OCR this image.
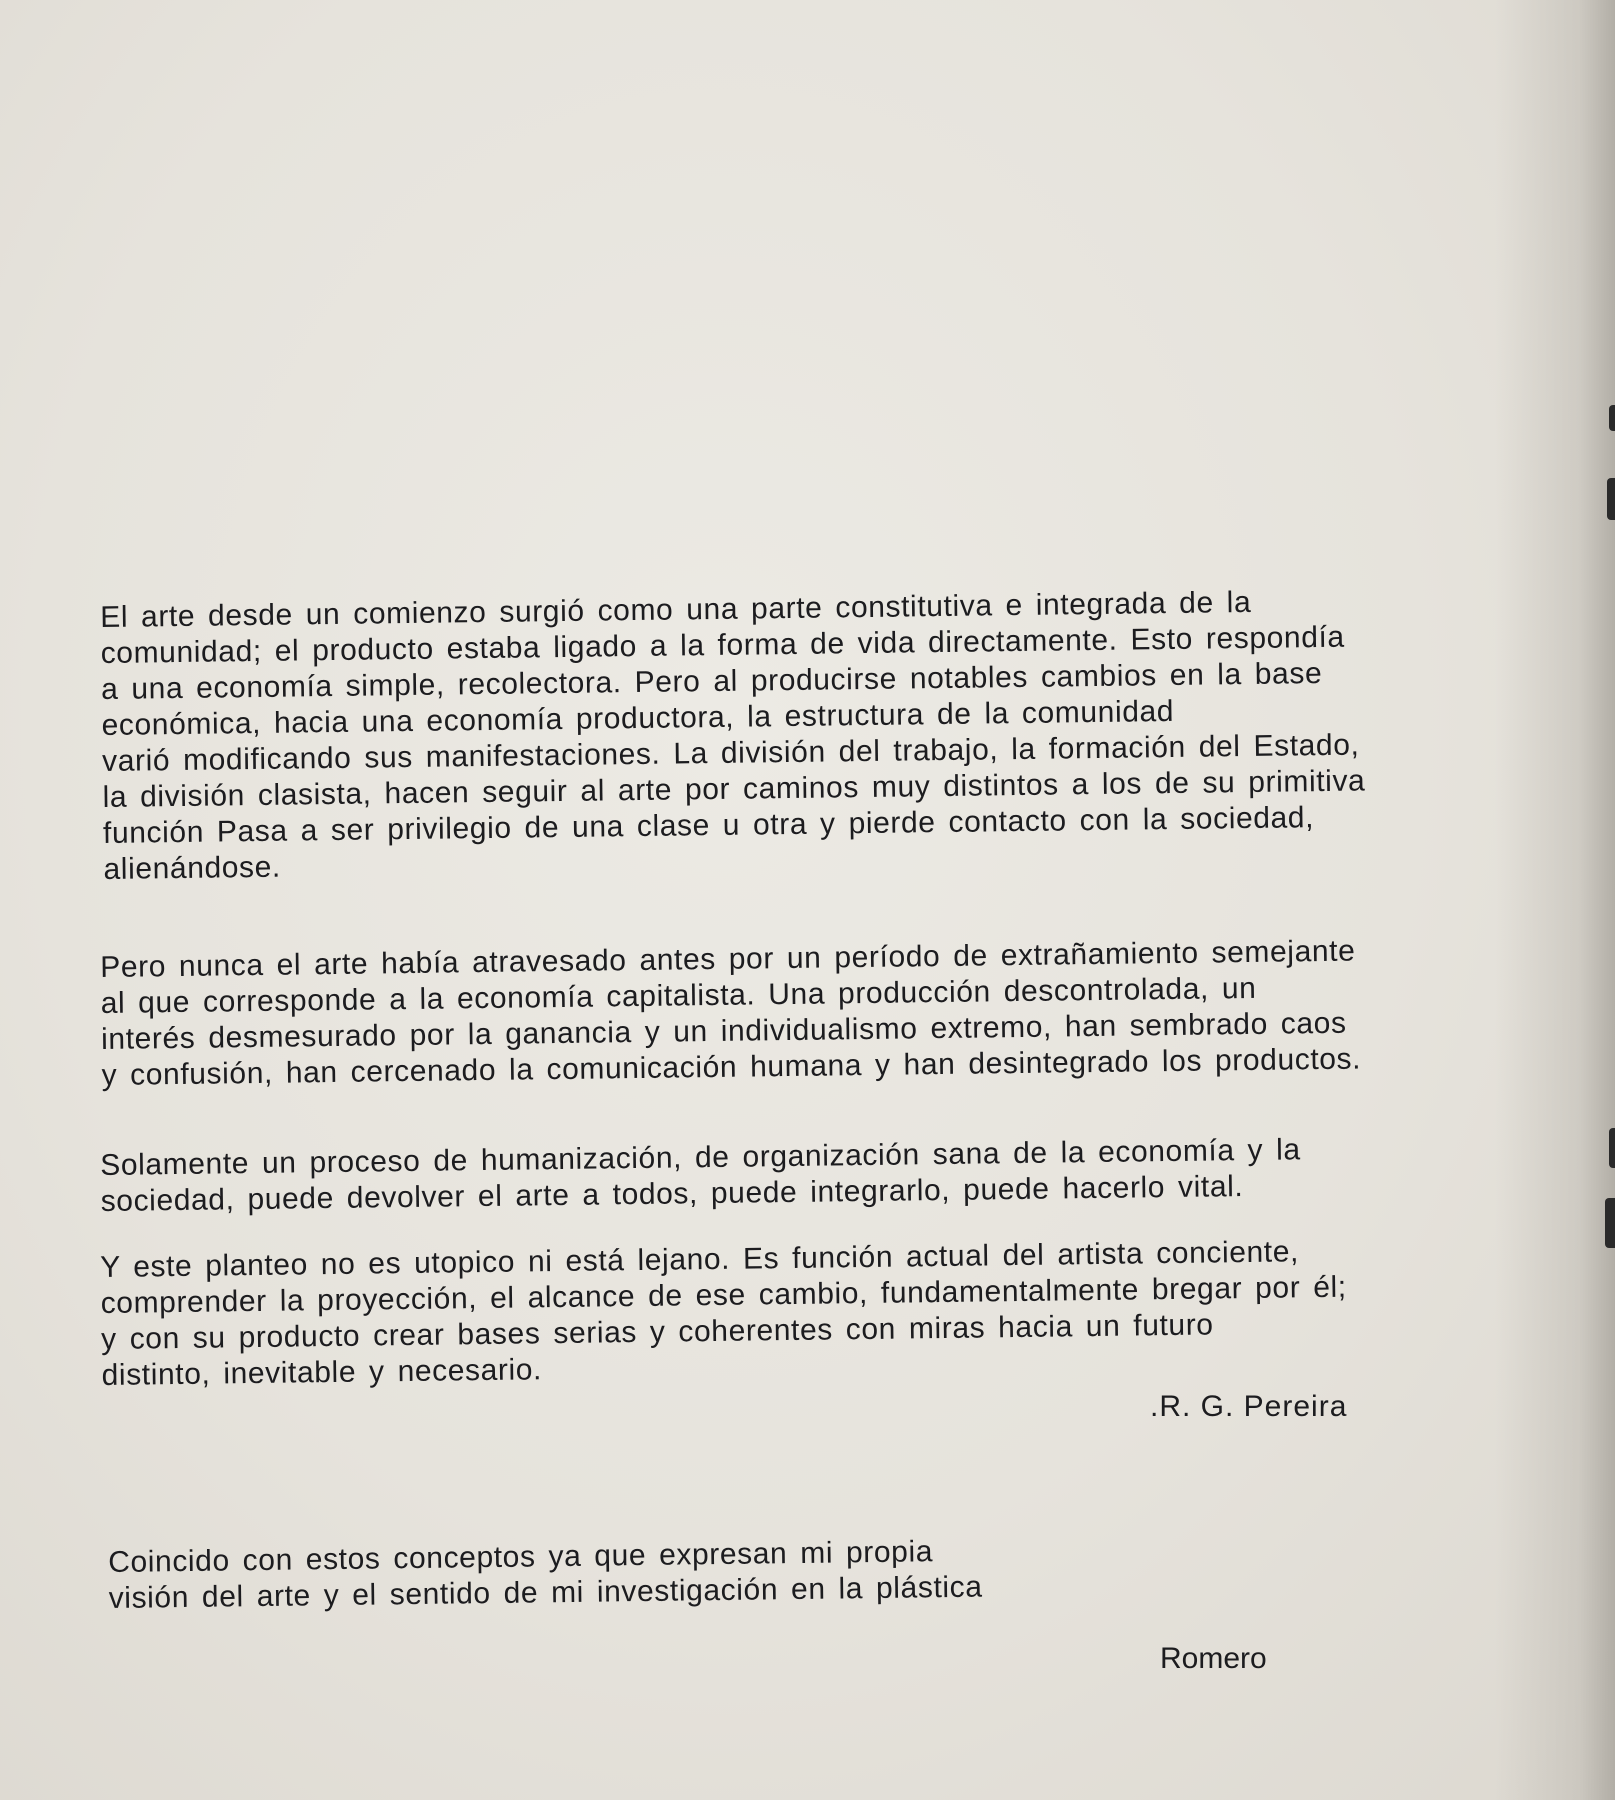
El arte desde un comienzo surgió como una parte constitutiva e integrada de la
comunidad; el producto estaba ligado a la forma de vida directamente. Esto respondía
a una economía simple, recolectora. Pero al producirse notables cambios en la base
económica, hacia una economía productora, la estructura de la comunidad
varió modificando sus manifestaciones. La división del trabajo, la formación del Estado,
la división clasista, hacen seguir al arte por caminos muy distintos a los de su primitiva
función Pasa a ser privilegio de una clase u otra y pierde contacto con la sociedad,
alienándose.

Pero nunca el arte había atravesado antes por un período de extrañamiento semejante
al que corresponde a la economía capitalista. Una producción descontrolada, un
interés desmesurado por la ganancia y un individualismo extremo, han sembrado caos
y confusión, han cercenado la comunicación humana y han desintegrado los productos.

Solamente un proceso de humanización, de organización sana de la economía y la
sociedad, puede devolver el arte a todos, puede integrarlo, puede hacerlo vital.

Y este planteo no es utopico ni está lejano. Es función actual del artista conciente,
comprender la proyección, el alcance de ese cambio, fundamentalmente bregar por él;
y con su producto crear bases serias y coherentes con miras hacia un futuro
distinto, inevitable y necesario.

.R. G. Pereira

Coincido con estos conceptos ya que expresan mi propia
visión del arte y el sentido de mi investigación en la plástica

Romero
